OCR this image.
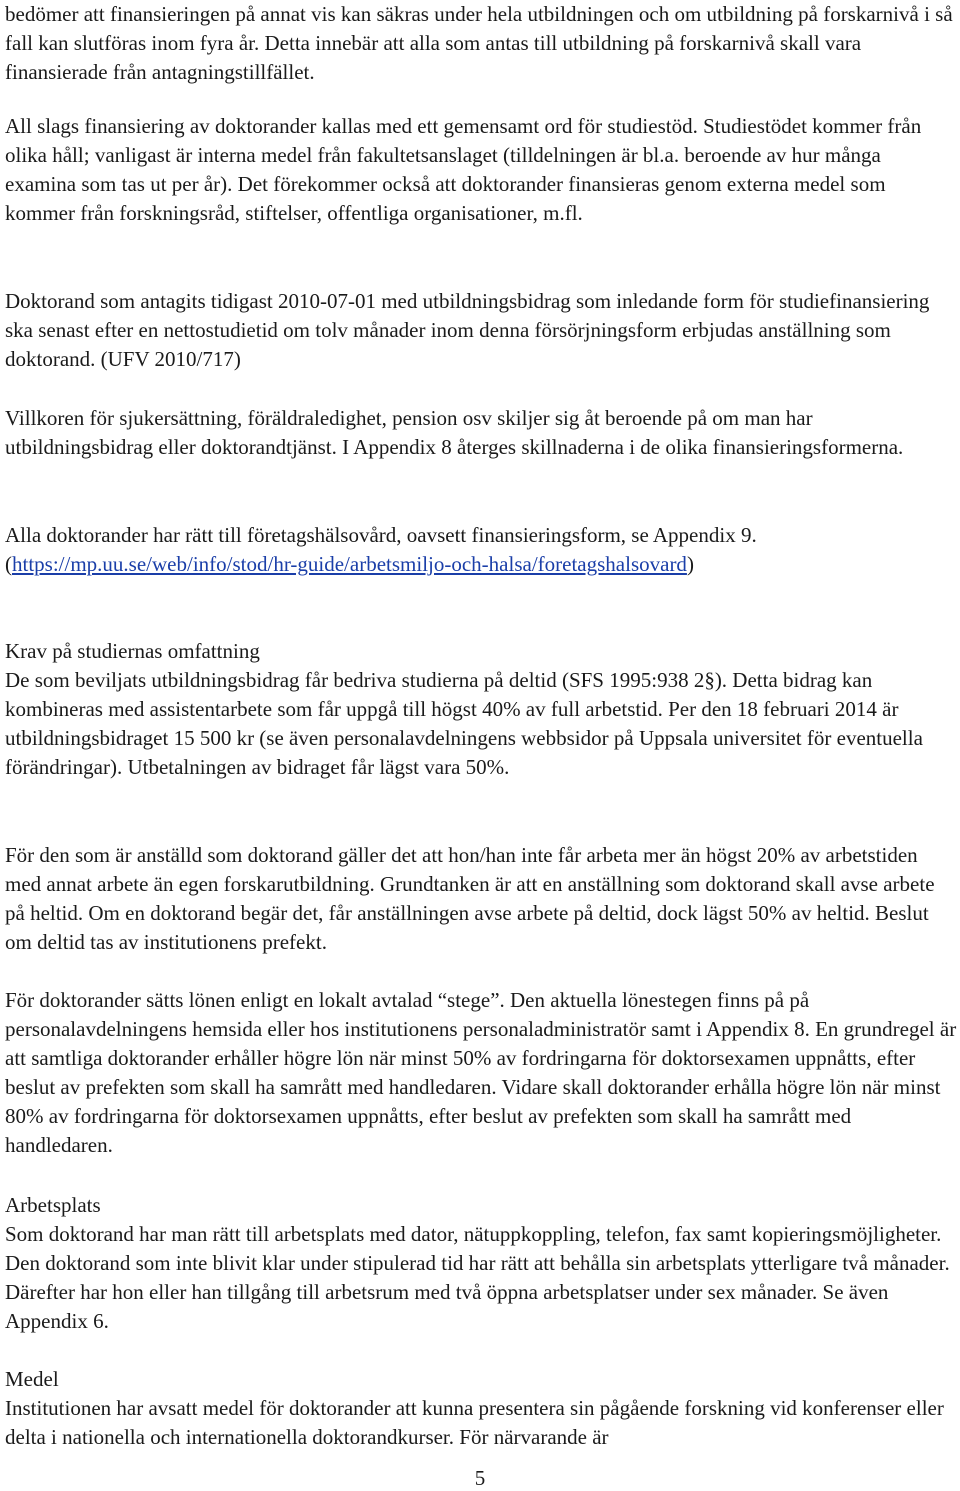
bedömer att finansieringen på annat vis kan säkras under hela utbildningen och om utbildning på forskarnivå i så fall kan slutföras inom fyra år. Detta innebär att alla som antas till utbildning på forskarnivå skall vara finansierade från antagningstillfället.

All slags finansiering av doktorander kallas med ett gemensamt ord för studiestöd. Studiestödet kommer från olika håll; vanligast är interna medel från fakultetsanslaget (tilldelningen är bl.a. beroende av hur många examina som tas ut per år). Det förekommer också att doktorander finansieras genom externa medel som kommer från forskningsråd, stiftelser, offentliga organisationer, m.fl.

Doktorand som antagits tidigast 2010-07-01 med utbildningsbidrag som inledande form för studiefinansiering ska senast efter en nettostudietid om tolv månader inom denna försörjningsform erbjudas anställning som doktorand. (UFV 2010/717)

Villkoren för sjukersättning, föräldraledighet, pension osv skiljer sig åt beroende på om man har utbildningsbidrag eller doktorandtjänst. I Appendix 8 återges skillnaderna i de olika finansieringsformerna.

Alla doktorander har rätt till företagshälsovård, oavsett finansieringsform, se Appendix 9.
(https://mp.uu.se/web/info/stod/hr-guide/arbetsmiljo-och-halsa/foretagshalsovard)

Krav på studiernas omfattning

De som beviljats utbildningsbidrag får bedriva studierna på deltid (SFS 1995:938 2§). Detta bidrag kan kombineras med assistentarbete som får uppgå till högst 40% av full arbetstid. Per den 18 februari 2014 är utbildningsbidraget 15 500 kr (se även personalavdelningens webbsidor på Uppsala universitet för eventuella förändringar). Utbetalningen av bidraget får lägst vara 50%.

För den som är anställd som doktorand gäller det att hon/han inte får arbeta mer än högst 20% av arbetstiden med annat arbete än egen forskarutbildning. Grundtanken är att en anställning som doktorand skall avse arbete på heltid. Om en doktorand begär det, får anställningen avse arbete på deltid, dock lägst 50% av heltid. Beslut om deltid tas av institutionens prefekt.

För doktorander sätts lönen enligt en lokalt avtalad “stege”. Den aktuella lönestegen finns på på personalavdelningens hemsida eller hos institutionens personaladministratör samt i Appendix 8. En grundregel är att samtliga doktorander erhåller högre lön när minst 50% av fordringarna för doktorsexamen uppnåtts, efter beslut av prefekten som skall ha samrått med handledaren. Vidare skall doktorander erhålla högre lön när minst 80% av fordringarna för doktorsexamen uppnåtts, efter beslut av prefekten som skall ha samrått med handledaren.

Arbetsplats

Som doktorand har man rätt till arbetsplats med dator, nätuppkoppling, telefon, fax samt kopieringsmöjligheter. Den doktorand som inte blivit klar under stipulerad tid har rätt att behålla sin arbetsplats ytterligare två månader. Därefter har hon eller han tillgång till arbetsrum med två öppna arbetsplatser under sex månader. Se även Appendix 6.

Medel

Institutionen har avsatt medel för doktorander att kunna presentera sin pågående forskning vid konferenser eller delta i nationella och internationella doktorandkurser. För närvarande är

5
